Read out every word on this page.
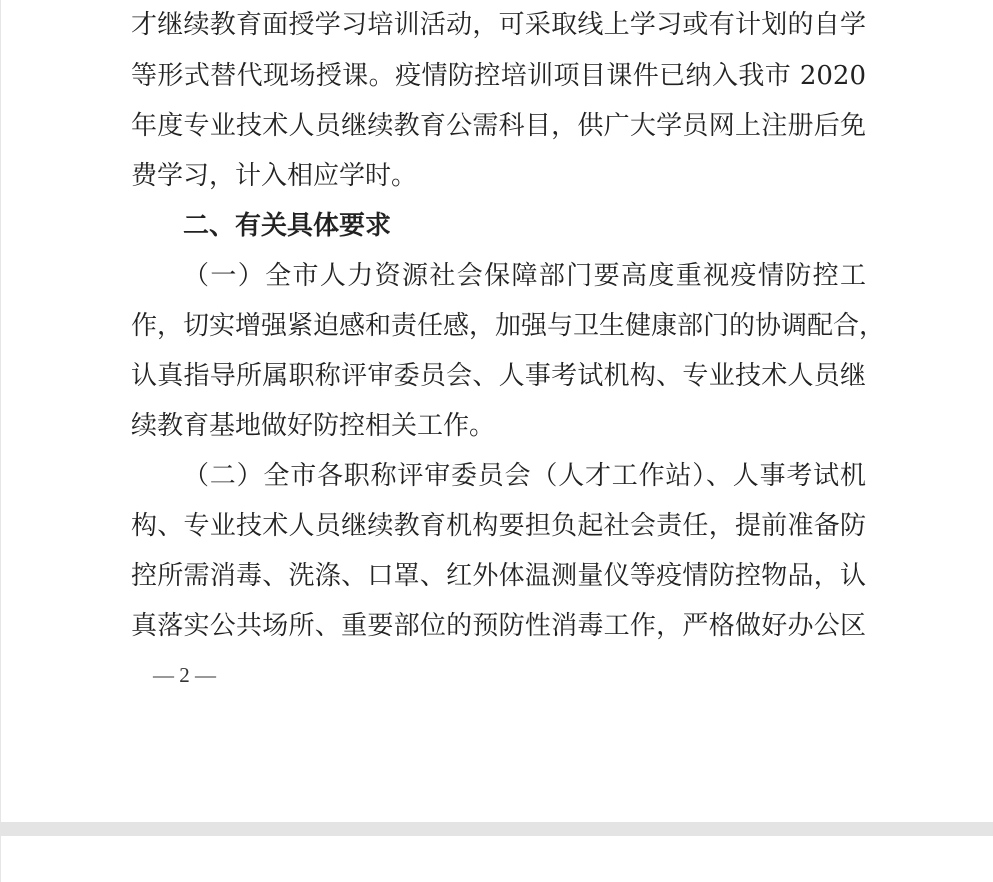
才继续教育面授学习培训活动，可采取线上学习或有计划的自学
等形式替代现场授课。疫情防控培训项目课件已纳入我市 2020
年度专业技术人员继续教育公需科目，供广大学员网上注册后免
费学习，计入相应学时。
二、有关具体要求
（一）全市人力资源社会保障部门要高度重视疫情防控工
作，切实增强紧迫感和责任感，加强与卫生健康部门的协调配合，
认真指导所属职称评审委员会、人事考试机构、专业技术人员继
续教育基地做好防控相关工作。
（二）全市各职称评审委员会（人才工作站）、人事考试机
构、专业技术人员继续教育机构要担负起社会责任，提前准备防
控所需消毒、洗涤、口罩、红外体温测量仪等疫情防控物品，认
真落实公共场所、重要部位的预防性消毒工作，严格做好办公区
— 2 —
